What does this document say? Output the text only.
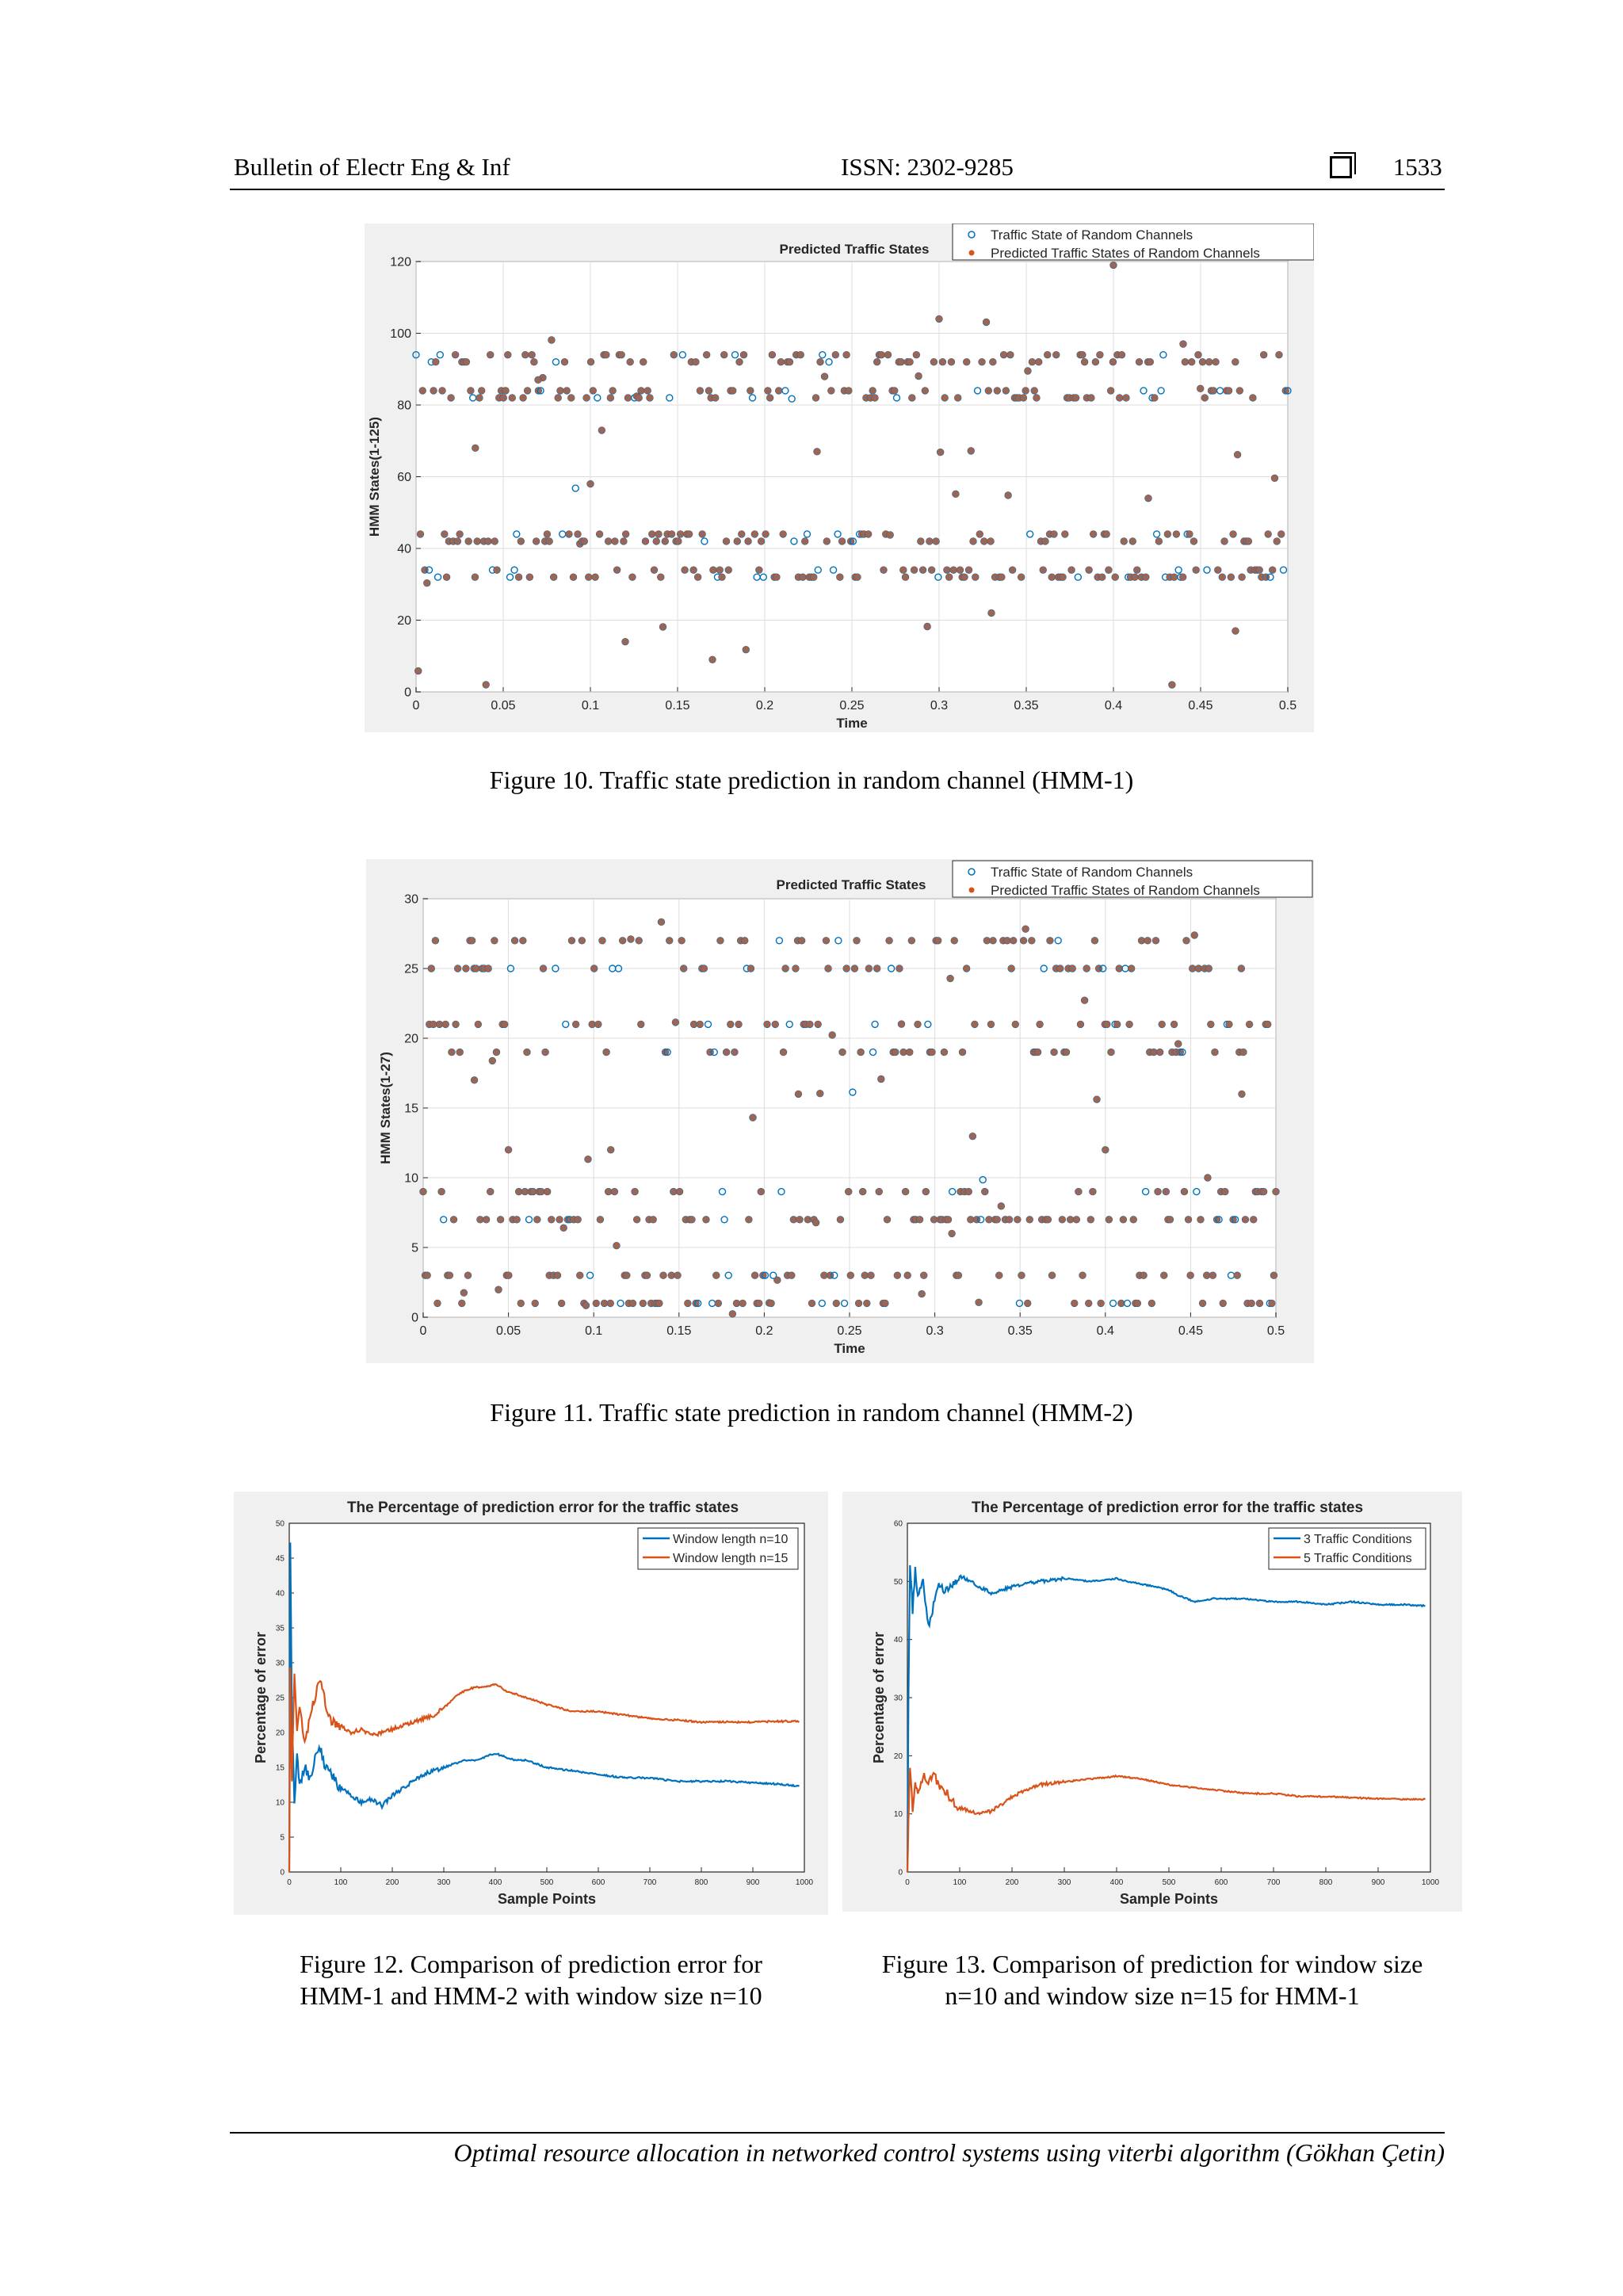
Bulletin of Electr Eng & Inf	ISSN: 2302-9285	1533
0	0.05	0.1	0.15	0.2	0.25	0.3	0.35	0.4	0.45	0.5
0
20
40
60
80
100
120
Time
HMM States(1-125)
Predicted Traffic States
Traffic State of Random Channels
Predicted Traffic States of Random Channels
Figure 10. Traffic state prediction in random channel (HMM-1)
0	0.05	0.1	0.15	0.2	0.25	0.3	0.35	0.4	0.45	0.5
0
5
10
15
20
25
30
Time
HMM States(1-27)
Predicted Traffic States
Traffic State of Random Channels
Predicted Traffic States of Random Channels
Figure 11. Traffic state prediction in random channel (HMM-2)
0	100	200	300	400	500	600	700	800	900	1000
0
5
10
15
20
25
30
35
40
45
50
Sample Points
Percentage of error
The Percentage of prediction error for the traffic states
Window length n=10
Window length n=15
Figure 12. Comparison of prediction error for
HMM-1 and HMM-2 with window size n=10
0	100	200	300	400	500	600	700	800	900	1000
0
10
20
30
40
50
60
Sample Points
Percentage of error
The Percentage of prediction error for the traffic states
3 Traffic Conditions
5 Traffic Conditions
Figure 13. Comparison of prediction for window size
n=10 and window size n=15 for HMM-1
Optimal resource allocation in networked control systems using viterbi algorithm (Gökhan Çetin)
